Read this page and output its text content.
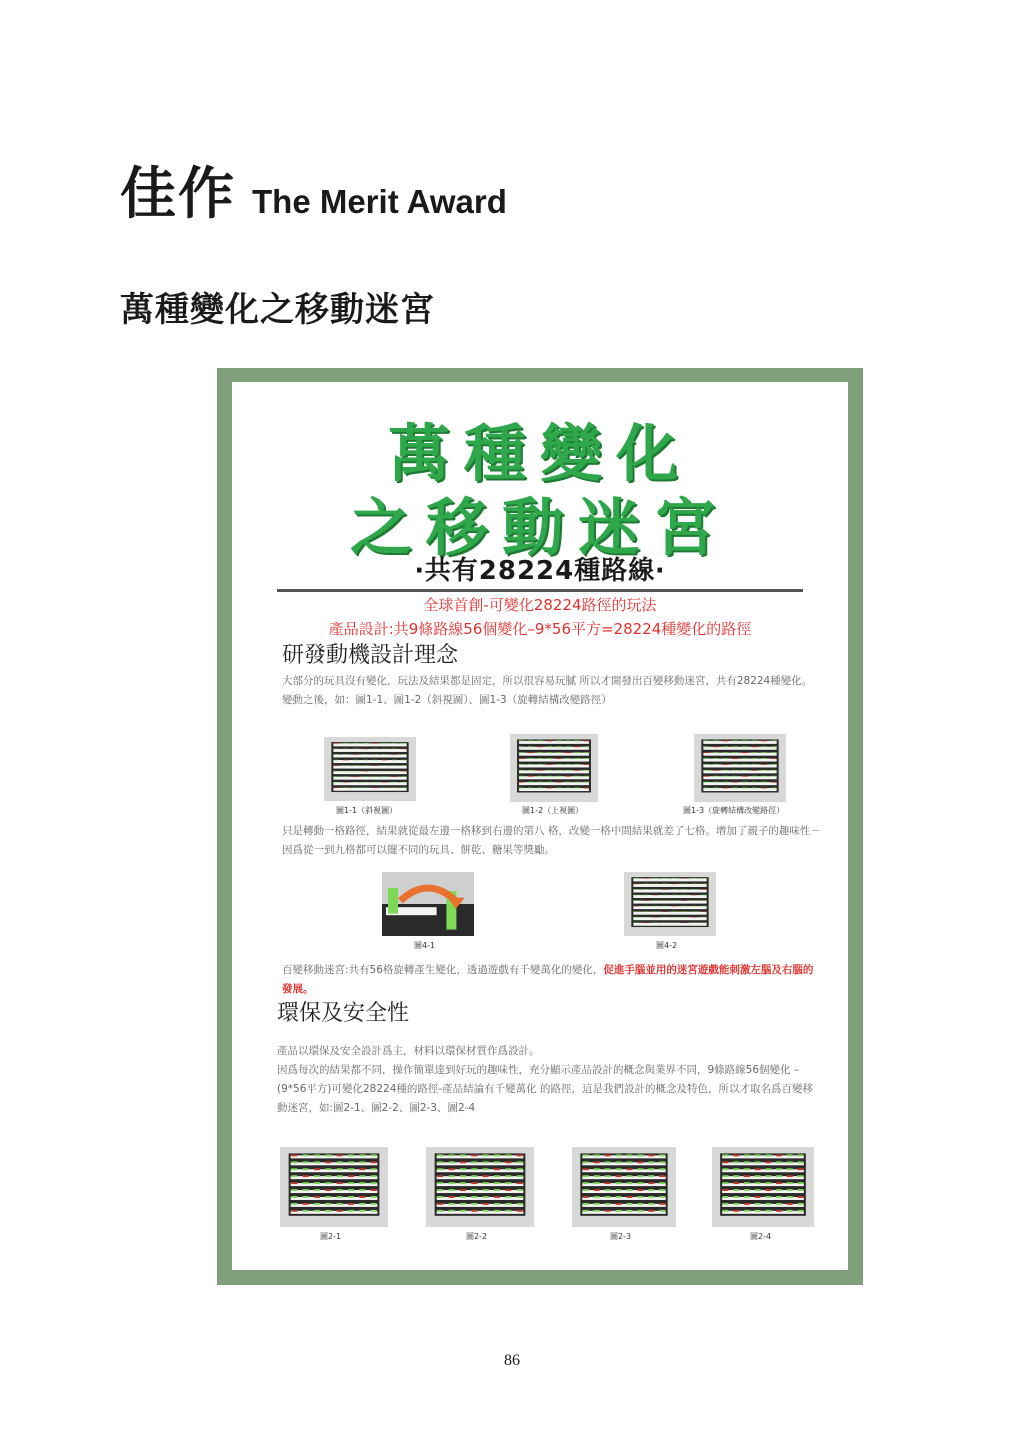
佳作 The Merit Award
萬種變化之移動迷宮
萬種變化
之移動迷宮
‧共有28224種路線‧
全球首創-可變化28224路徑的玩法
產品設計:共9條路線56個變化–9*56平方=28224種變化的路徑
研發動機設計理念
大部分的玩具沒有變化，玩法及結果都是固定，所以很容易玩膩 所以才開發出百變移動迷宮，共有28224種變化。 變動之後，如：圖1-1、圖1-2（斜視圖）、圖1-3（旋轉結構改變路徑）
圖1-1（斜視圖）	圖1-2（上視圖）	圖1-3（旋轉結構改變路徑）
只是轉動一格路徑，結果就從最左邊一格移到右邊的第八 格，改變一格中間結果就差了七格。增加了親子的趣味性－因爲從一到九格都可以擺不同的玩具、餅乾、糖果等獎勵。
圖4-1	圖4-2
百變移動迷宮:共有56格旋轉產生變化，透過遊戲有千變萬化的變化，促進手腦並用的迷宮遊戲能刺激左腦及右腦的發展。
環保及安全性
產品以環保及安全設計爲主，材料以環保材質作爲設計。
因爲每次的結果都不同，操作簡單達到好玩的趣味性，充分顯示產品設計的概念與業界不同，9條路線56個變化 –(9*56平方)可變化28224種的路徑-產品結論有千變萬化 的路徑，這是我們設計的概念及特色，所以才取名爲百變移動迷宮，如:圖2-1、圖2-2、圖2-3、圖2-4
圖2-1	圖2-2	圖2-3	圖2-4
86
